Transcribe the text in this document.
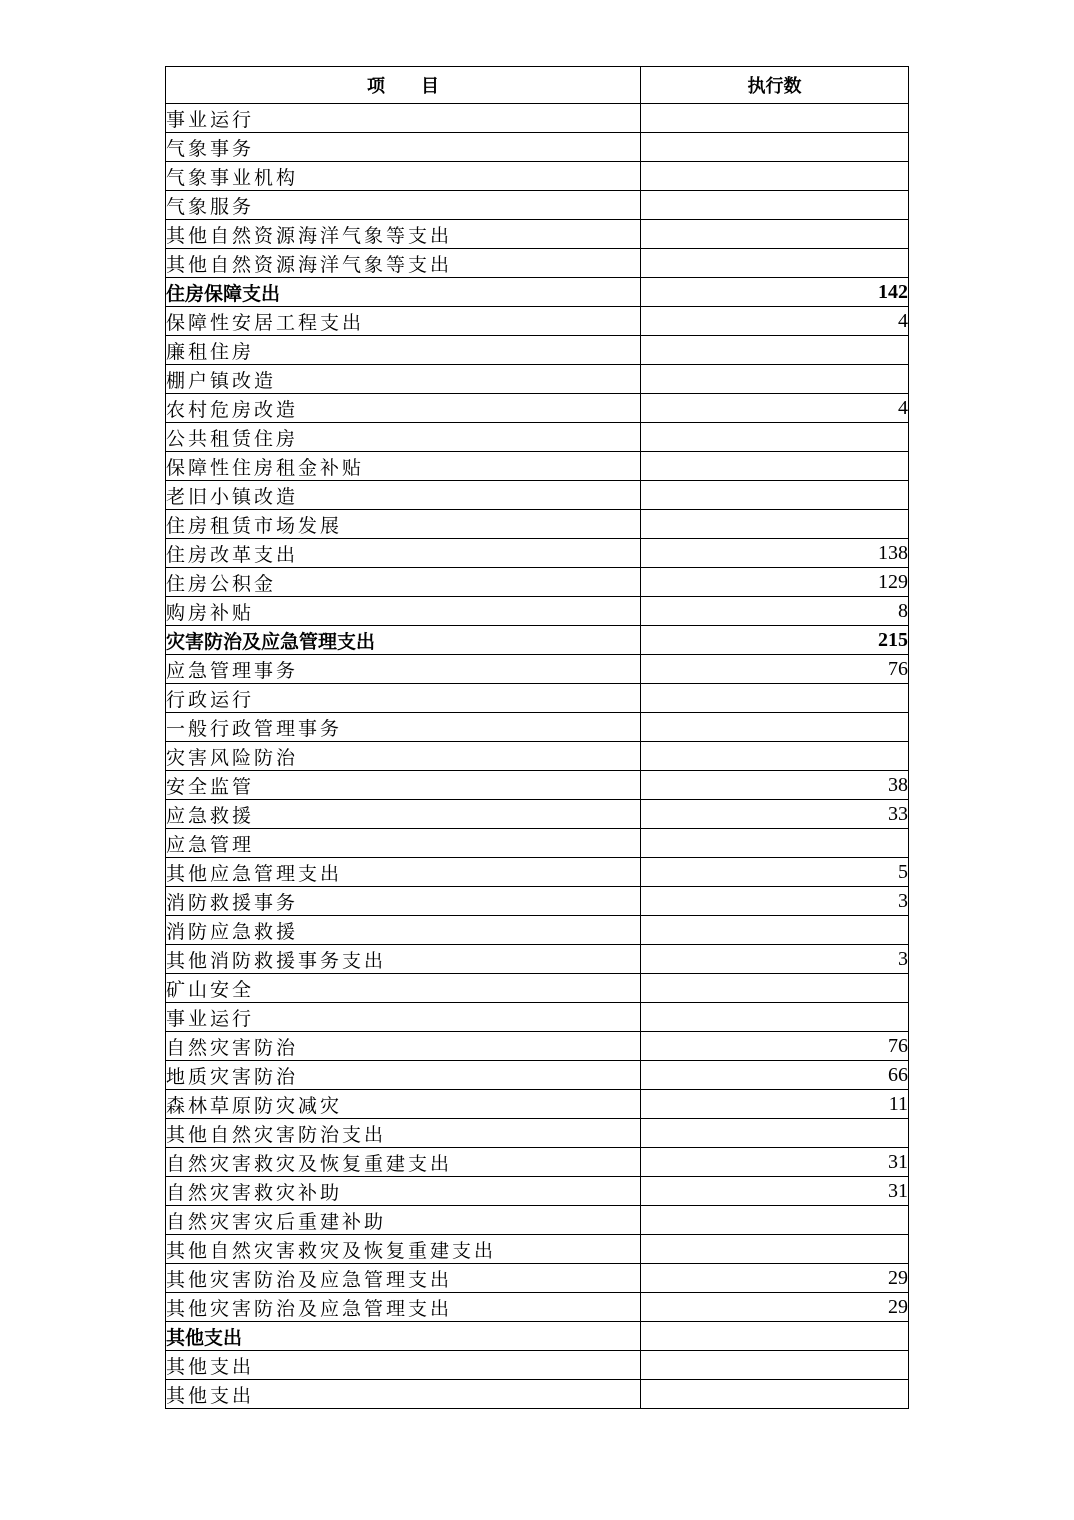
项　　目	执行数
事业运行	
气象事务	
气象事业机构	
气象服务	
其他自然资源海洋气象等支出	
其他自然资源海洋气象等支出	
住房保障支出	142
保障性安居工程支出	4
廉租住房	
棚户镇改造	
农村危房改造	4
公共租赁住房	
保障性住房租金补贴	
老旧小镇改造	
住房租赁市场发展	
住房改革支出	138
住房公积金	129
购房补贴	8
灾害防治及应急管理支出	215
应急管理事务	76
行政运行	
一般行政管理事务	
灾害风险防治	
安全监管	38
应急救援	33
应急管理	
其他应急管理支出	5
消防救援事务	3
消防应急救援	
其他消防救援事务支出	3
矿山安全	
事业运行	
自然灾害防治	76
地质灾害防治	66
森林草原防灾减灾	11
其他自然灾害防治支出	
自然灾害救灾及恢复重建支出	31
自然灾害救灾补助	31
自然灾害灾后重建补助	
其他自然灾害救灾及恢复重建支出	
其他灾害防治及应急管理支出	29
其他灾害防治及应急管理支出	29
其他支出	
其他支出	
其他支出	
